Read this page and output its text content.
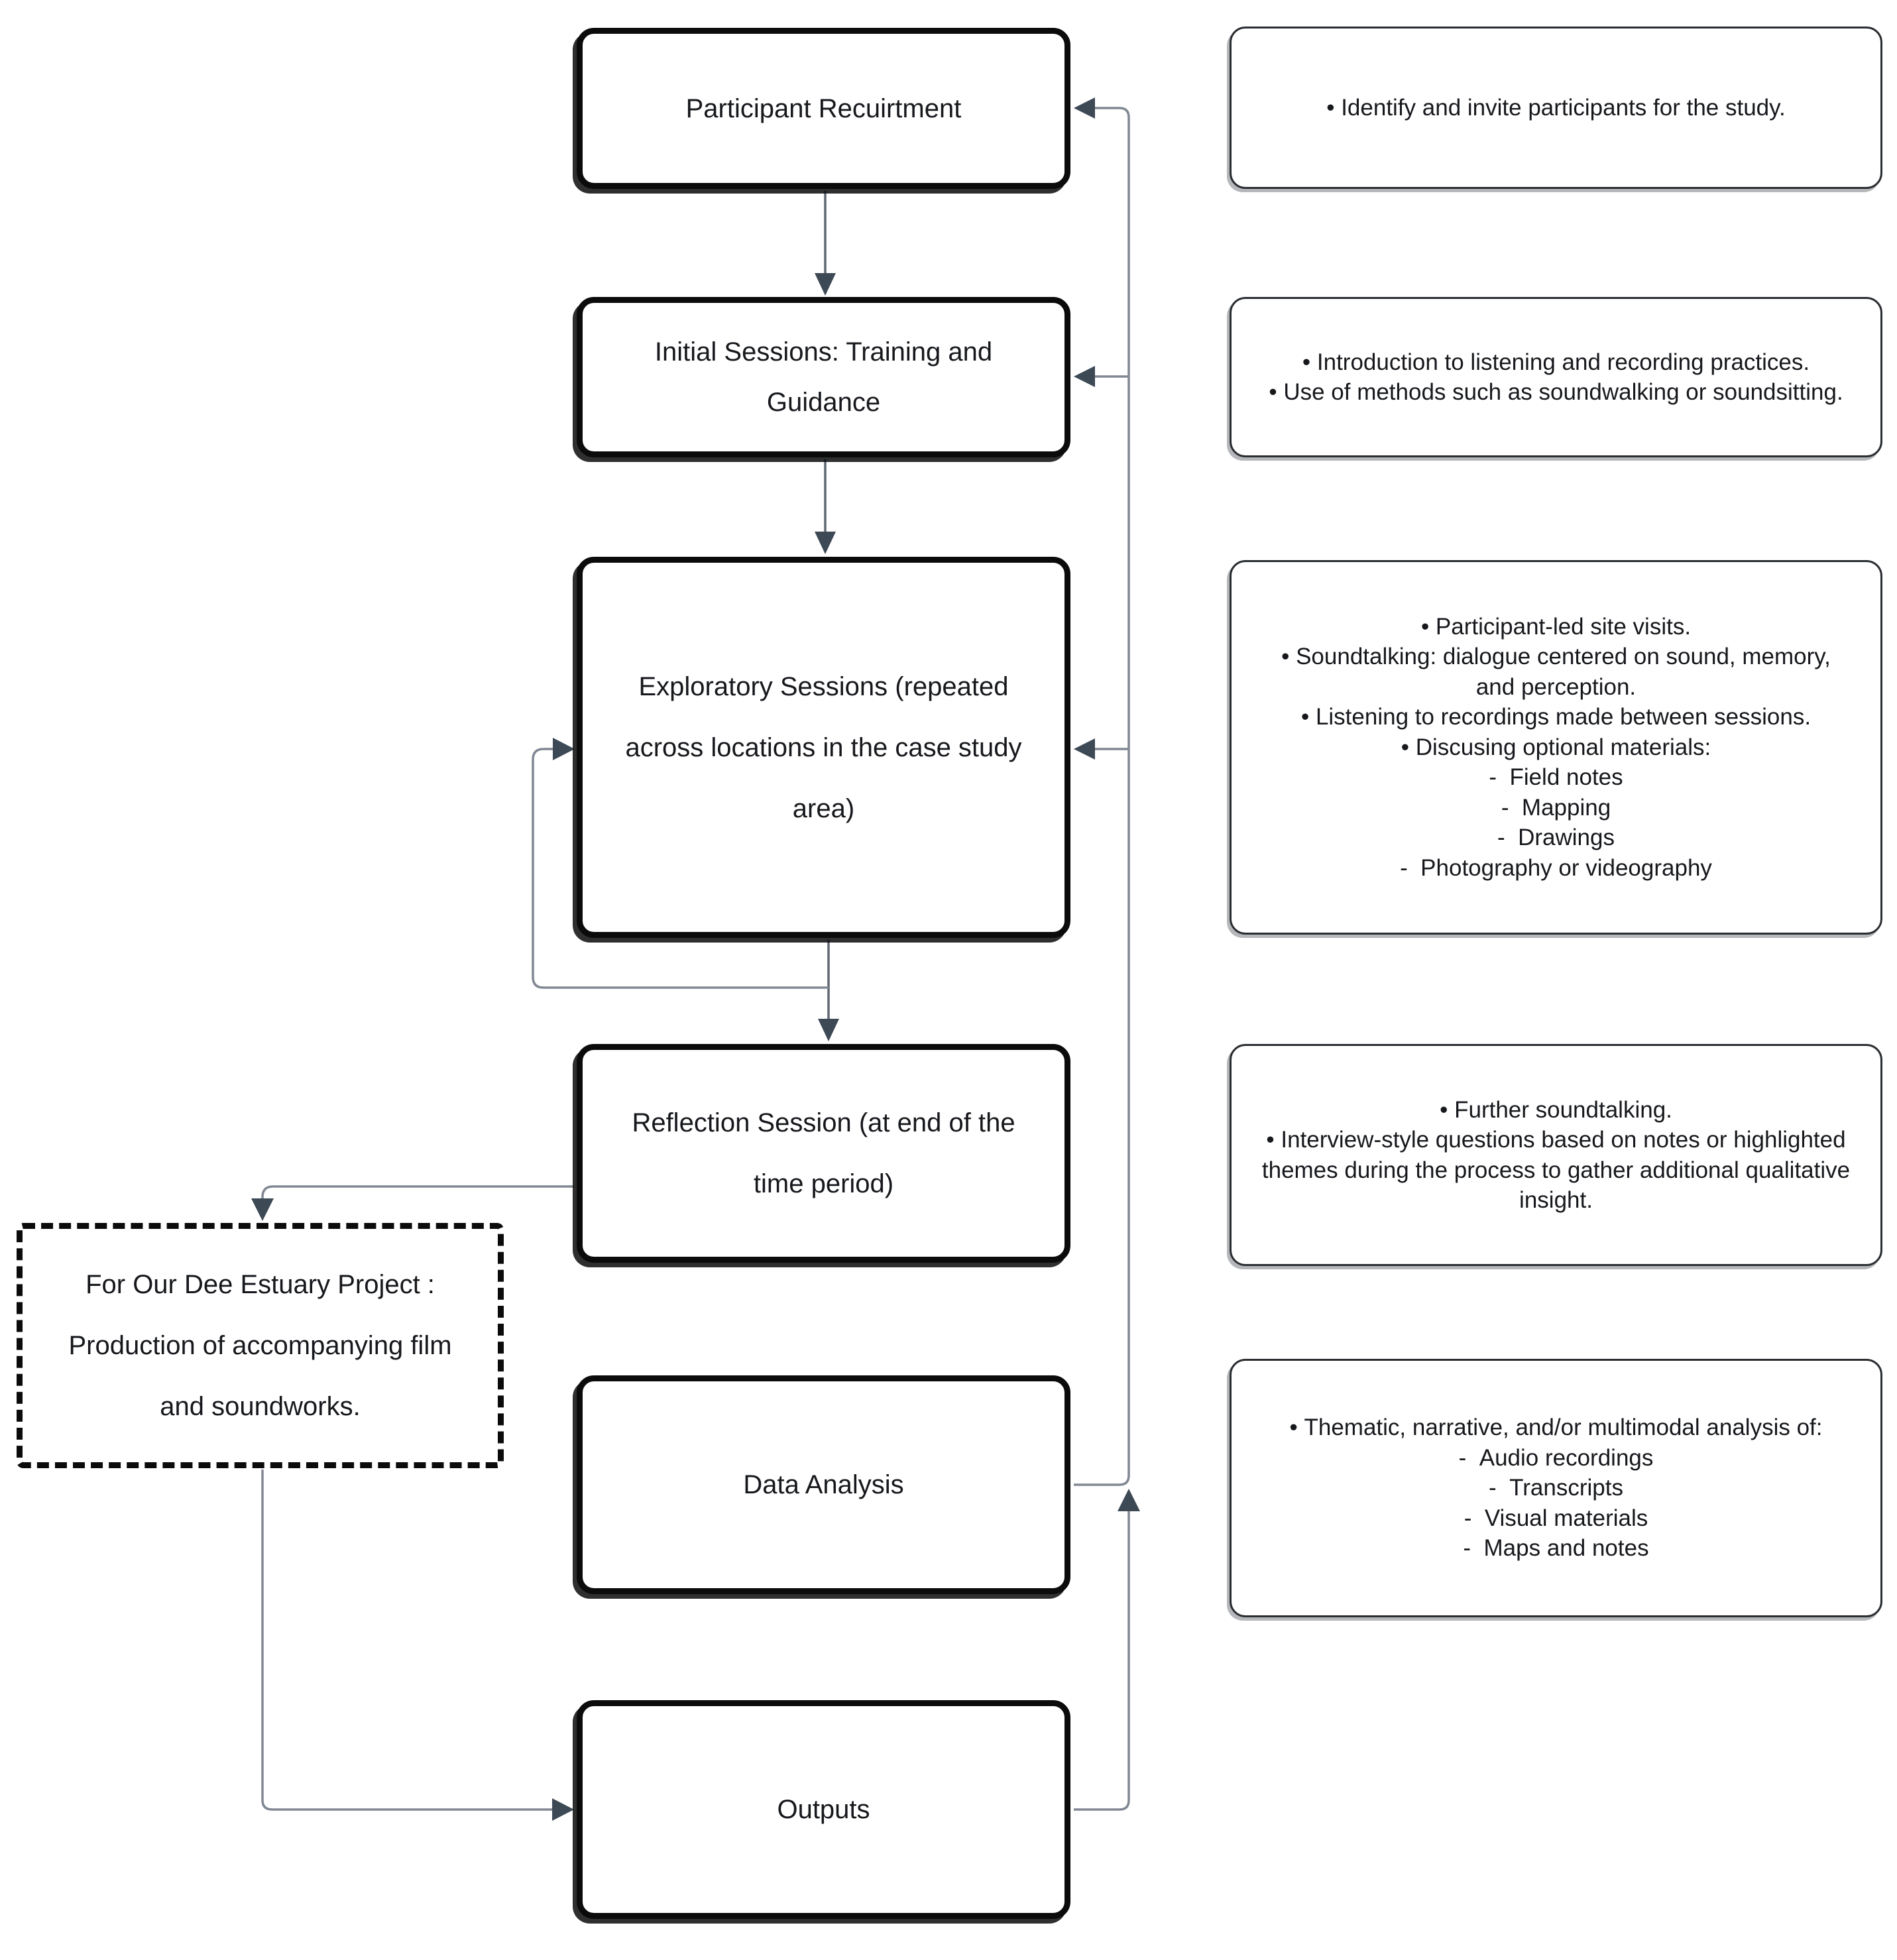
Participant Recuirtment
Initial Sessions: Training and Guidance
Exploratory Sessions (repeated across locations in the case study area)
Reflection Session (at end of the time period)
Data Analysis
Outputs
For Our Dee Estuary Project : Production of accompanying film and soundworks.
• Identify and invite participants for the study.
• Introduction to listening and recording practices.
• Use of methods such as soundwalking or soundsitting.
• Participant-led site visits.
• Soundtalking: dialogue centered on sound, memory, and perception.
• Listening to recordings made between sessions.
• Discusing optional materials:
-  Field notes
-  Mapping
-  Drawings
-  Photography or videography
• Further soundtalking.
• Interview-style questions based on notes or highlighted themes during the process to gather additional qualitative insight.
• Thematic, narrative, and/or multimodal analysis of:
-  Audio recordings
-  Transcripts
-  Visual materials
-  Maps and notes
